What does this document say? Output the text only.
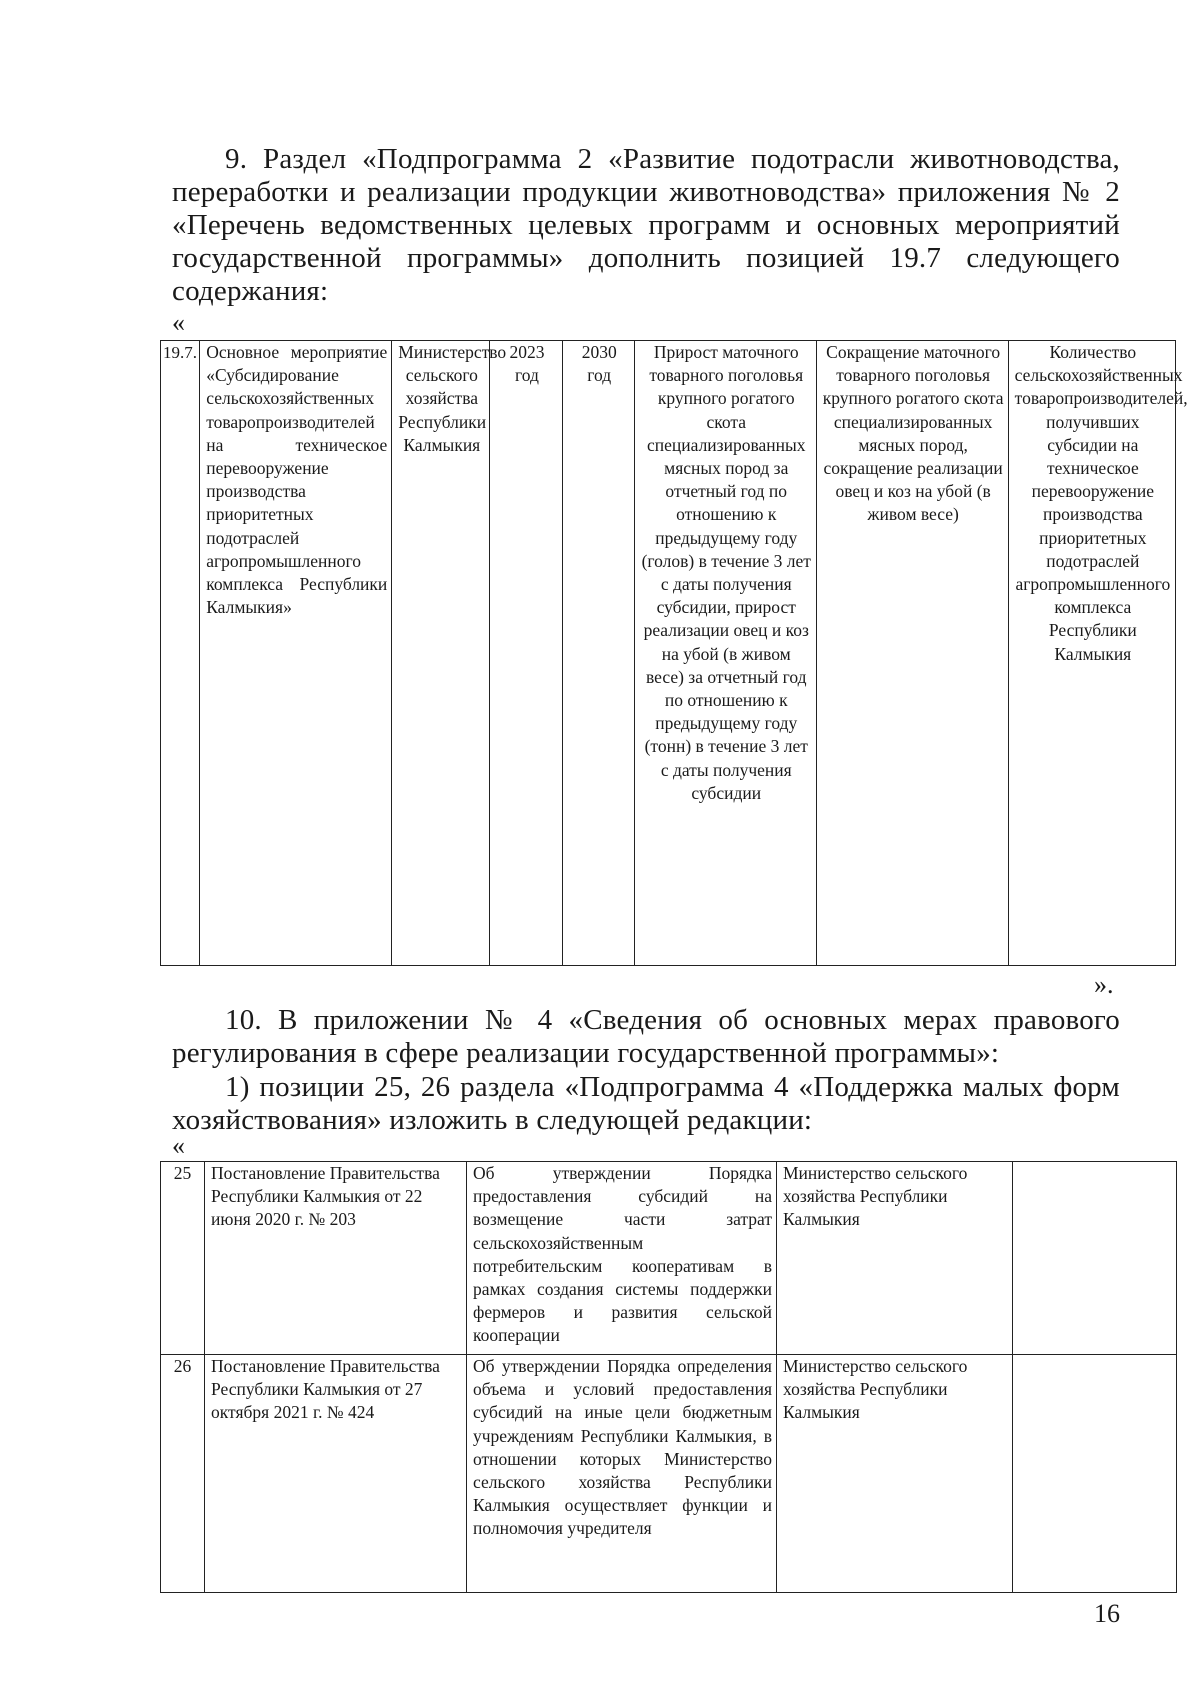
9. Раздел «Подпрограмма 2 «Развитие подотрасли животноводства, переработки и реализации продукции животноводства» приложения № 2 «Перечень ведомственных целевых программ и основных мероприятий государственной программы» дополнить позицией 19.7 следующего содержания:
«
19.7.	Основное мероприятие «Субсидирование сельскохозяйственных товаропроизводителей на техническое перевооружение производства приоритетных подотраслей агропромышленного комплекса Республики Калмыкия»	Министерство сельского хозяйства Республики Калмыкия	2023 год	2030 год	Прирост маточного товарного поголовья крупного рогатого скота специализированных мясных пород за отчетный год по отношению к предыдущему году (голов) в течение 3 лет с даты получения субсидии, прирост реализации овец и коз на убой (в живом весе) за отчетный год по отношению к предыдущему году (тонн) в течение 3 лет с даты получения субсидии	Сокращение маточного товарного поголовья крупного рогатого скота специализированных мясных пород, сокращение реализации овец и коз на убой (в живом весе)	Количество сельскохозяйственных товаропроизводителей, получивших субсидии на техническое перевооружение производства приоритетных подотраслей агропромышленного комплекса Республики Калмыкия
».
10. В приложении № 4 «Сведения об основных мерах правового регулирования в сфере реализации государственной программы»:
1) позиции 25, 26 раздела «Подпрограмма 4 «Поддержка малых форм хозяйствования» изложить в следующей редакции:
«
25	Постановление Правительства Республики Калмыкия от 22 июня 2020 г. № 203	Об утверждении Порядка предоставления субсидий на возмещение части затрат сельскохозяйственным потребительским кооперативам в рамках создания системы поддержки фермеров и развития сельской кооперации	Министерство сельского хозяйства Республики Калмыкия	
26	Постановление Правительства Республики Калмыкия от 27 октября 2021 г. № 424	Об утверждении Порядка определения объема и условий предоставления субсидий на иные цели бюджетным учреждениям Республики Калмыкия, в отношении которых Министерство сельского хозяйства Республики Калмыкия осуществляет функции и полномочия учредителя	Министерство сельского хозяйства Республики Калмыкия	
16
